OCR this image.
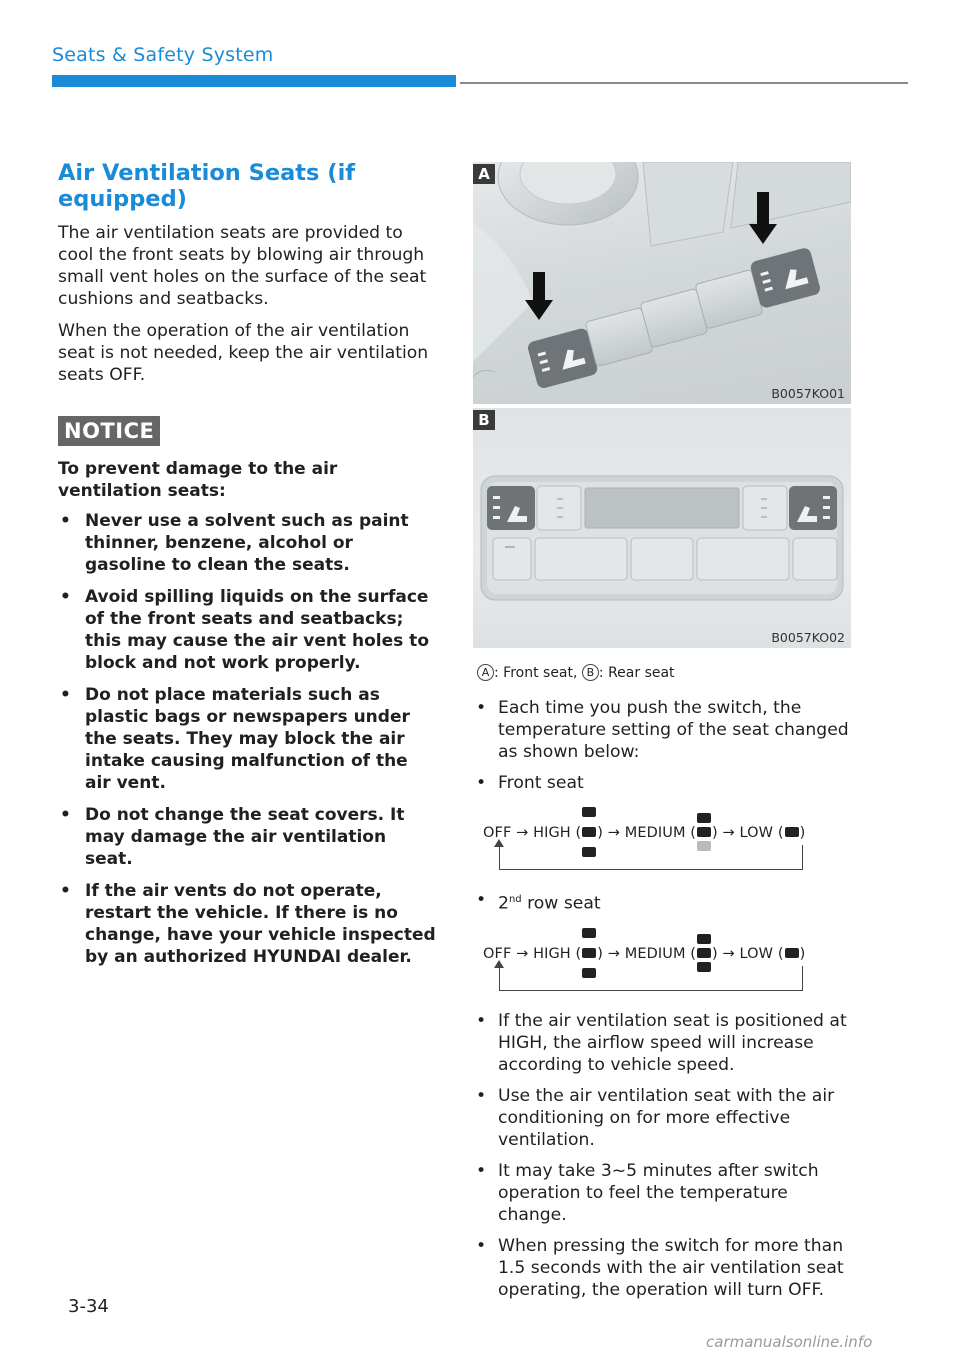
Seats & Safety System
Air Ventilation Seats (if equipped)

The air ventilation seats are provided to cool the front seats by blowing air through small vent holes on the surface of the seat cushions and seatbacks.

When the operation of the air ventilation seat is not needed, keep the air ventilation seats OFF.

NOTICE

To prevent damage to the air ventilation seats:

• Never use a solvent such as paint thinner, benzene, alcohol or gasoline to clean the seats.
• Avoid spilling liquids on the surface of the front seats and seatbacks; this may cause the air vent holes to block and not work properly.
• Do not place materials such as plastic bags or newspapers under the seats. They may block the air intake causing malfunction of the air vent.
• Do not change the seat covers. It may damage the air ventilation seat.
• If the air vents do not operate, restart the vehicle. If there is no change, have your vehicle inspected by an authorized HYUNDAI dealer.
A
B0057KO01
B
B0057KO02
A : Front seat, B : Rear seat
• Each time you push the switch, the temperature setting of the seat changed as shown below:
• Front seat
OFF → HIGH ( ) → MEDIUM ( ) → LOW ( )
• 2nd row seat
OFF → HIGH ( ) → MEDIUM ( ) → LOW ( )
• If the air ventilation seat is positioned at HIGH, the airflow speed will increase according to vehicle speed.
• Use the air ventilation seat with the air conditioning on for more effective ventilation.
• It may take 3~5 minutes after switch operation to feel the temperature change.
• When pressing the switch for more than 1.5 seconds with the air ventilation seat operating, the operation will turn OFF.
3-34
carmanualsonline.info
